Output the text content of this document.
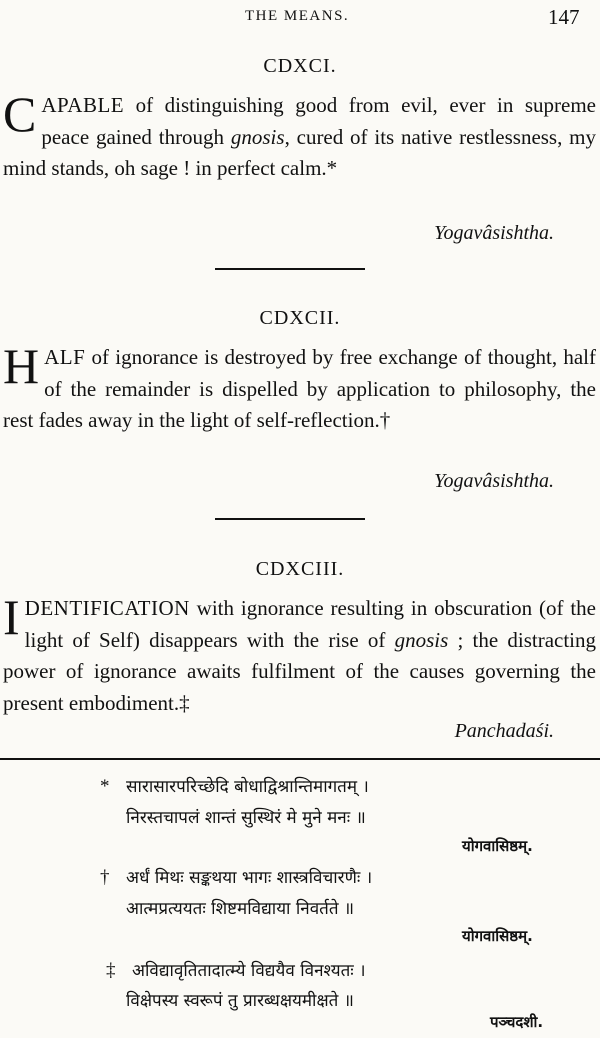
THE MEANS.	147
CDXCI.
CAPABLE of distinguishing good from evil, ever in supreme peace gained through gnosis, cured of its native restlessness, my mind stands, oh sage ! in perfect calm.*
Yogavâsishtha.
CDXCII.
HALF of ignorance is destroyed by free exchange of thought, half of the remainder is dispelled by application to philosophy, the rest fades away in the light of self-reflection.†
Yogavâsishtha.
CDXCIII.
IDENTIFICATION with ignorance resulting in obscuration (of the light of Self) disappears with the rise of gnosis ; the distracting power of ignorance awaits fulfilment of the causes governing the present embodiment.‡
Panchadaśi.
* सारासारपरिच्छेदि बोधाद्विश्रान्तिमागतम् ।
निरस्तचापलं शान्तं सुस्थिरं मे मुने मनः ॥
योगवासिष्ठम्.
† अर्धं मिथः सङ्कथया भागः शास्त्रविचारणैः ।
आत्मप्रत्ययतः शिष्टमविद्याया निवर्तते ॥
योगवासिष्ठम्.
‡ अविद्यावृतितादात्म्ये विद्ययैव विनश्यतः ।
विक्षेपस्य स्वरूपं तु प्रारब्धक्षयमीक्षते ॥
पञ्चदशी.
